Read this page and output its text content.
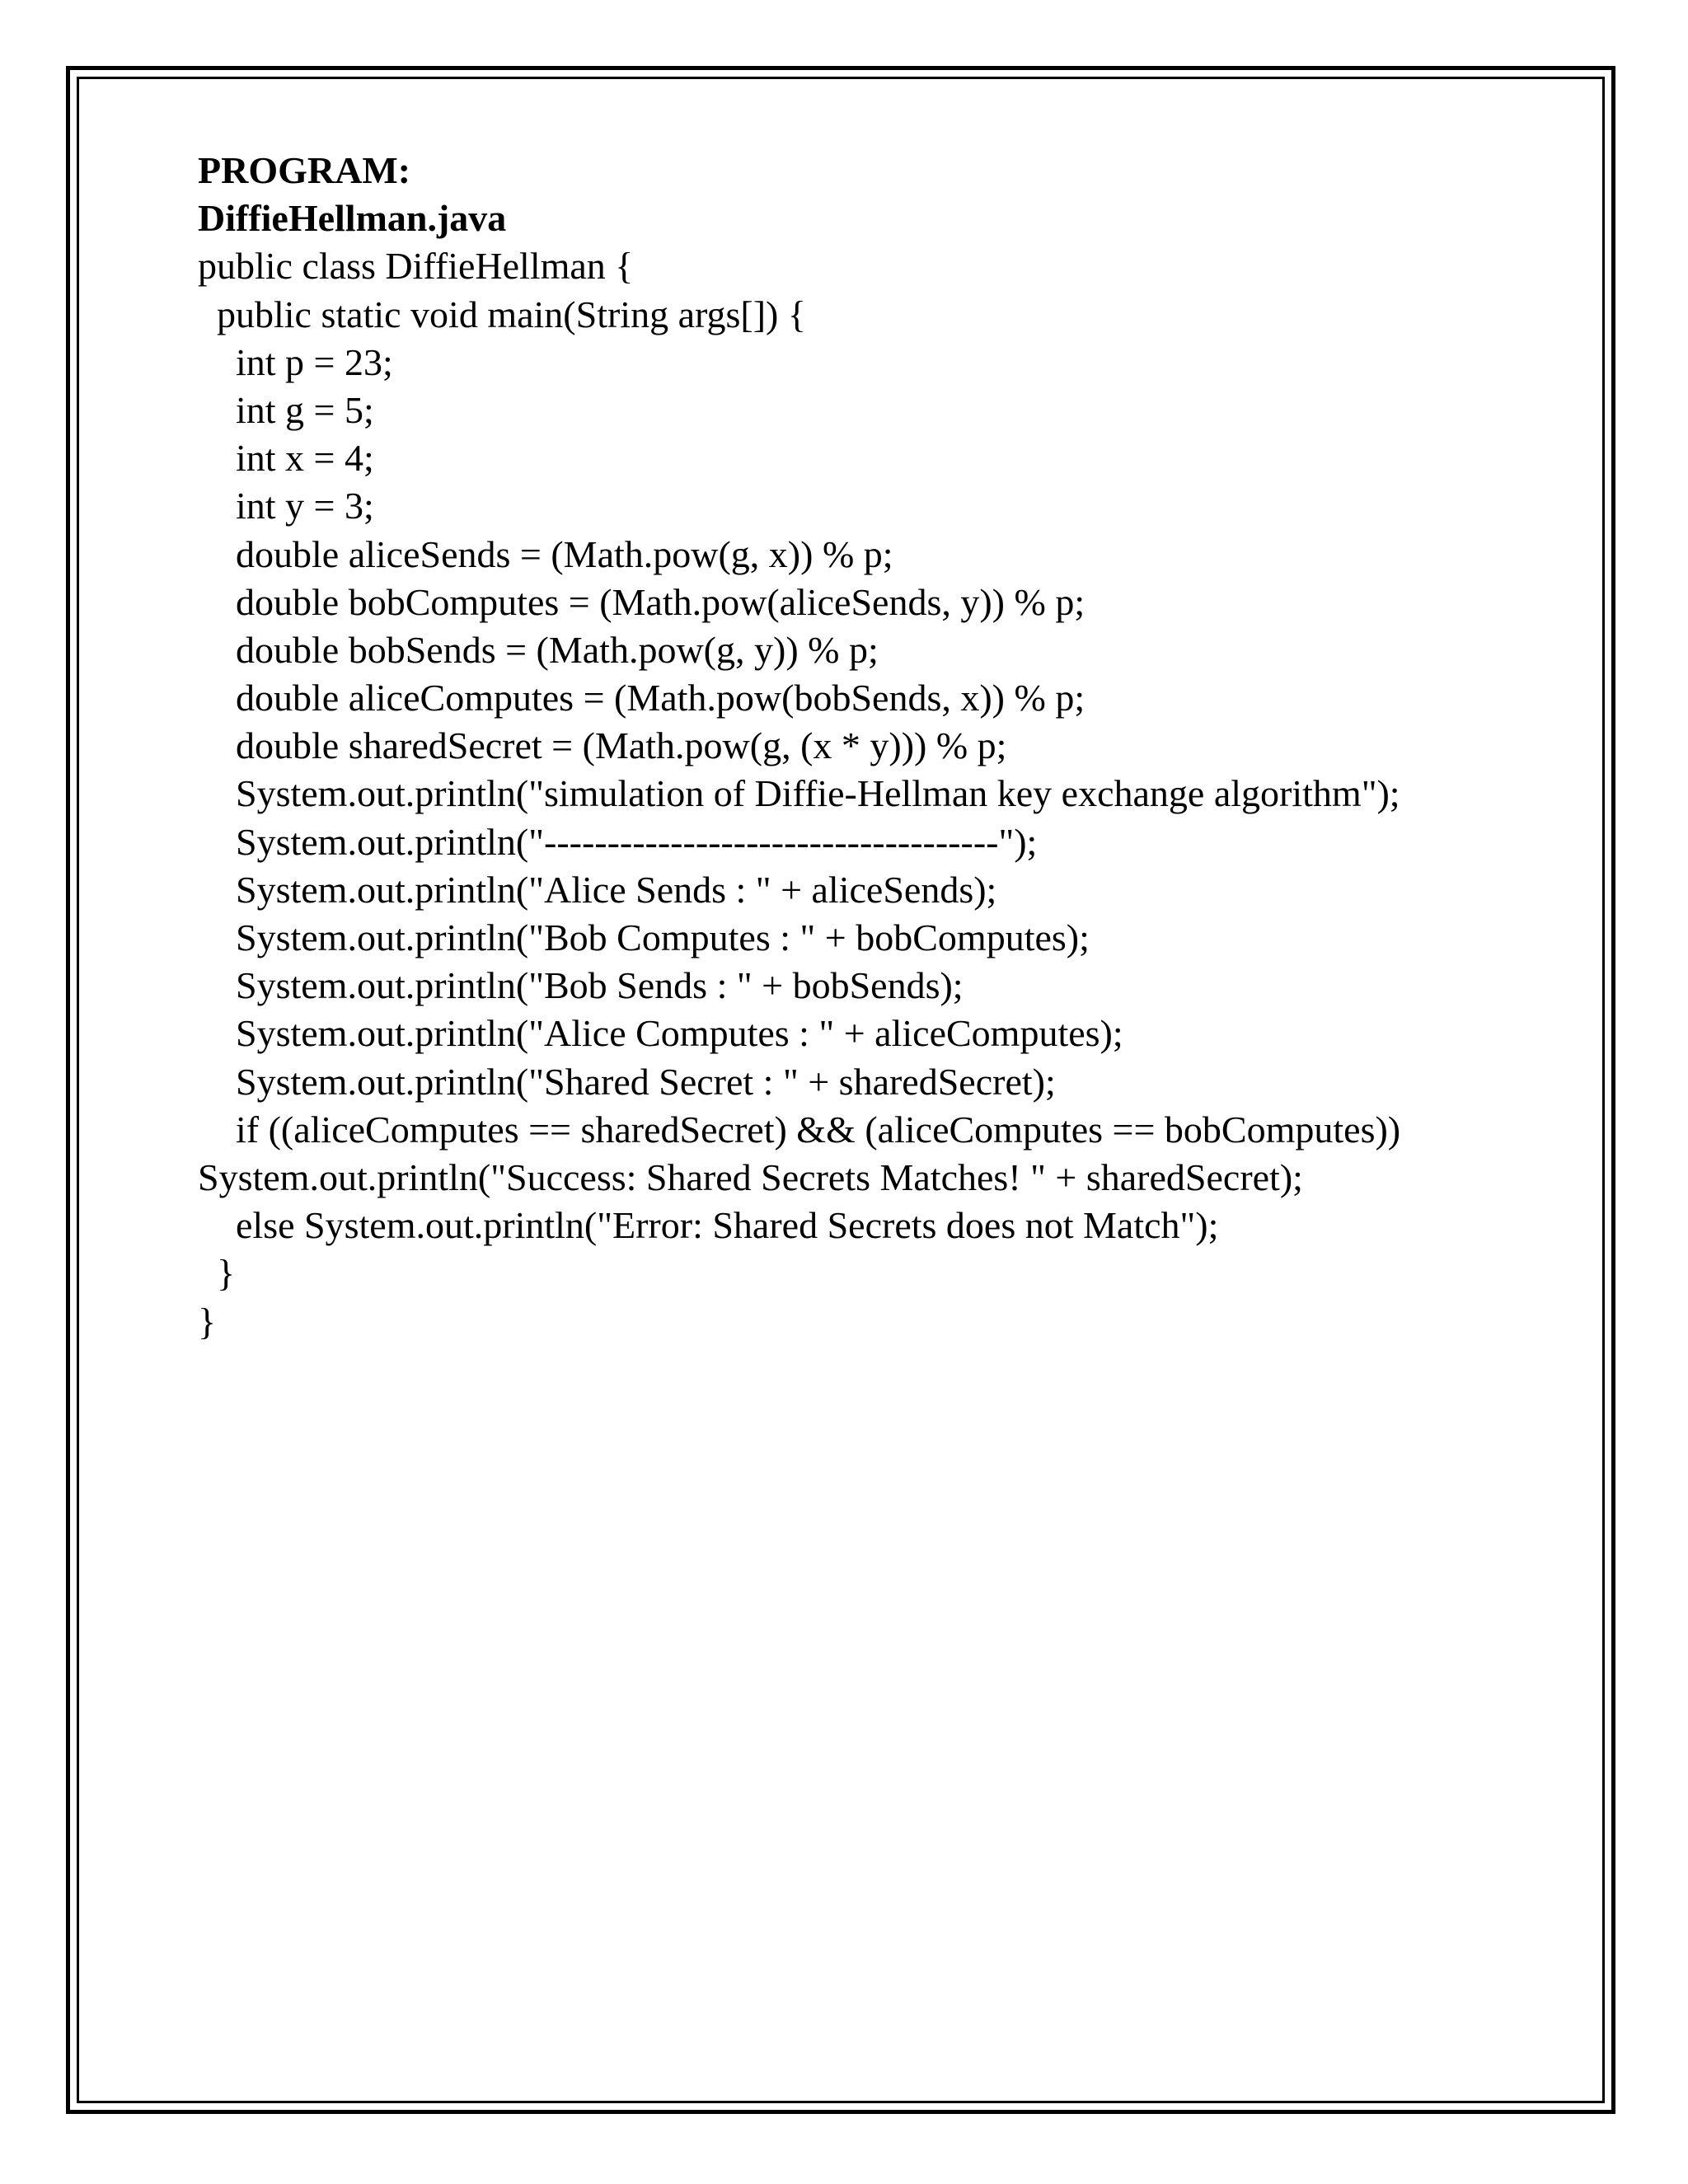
PROGRAM:
DiffieHellman.java
public class DiffieHellman {
public static void main(String args[]) {
int p = 23;
int g = 5;
int x = 4;
int y = 3;
double aliceSends = (Math.pow(g, x)) % p;
double bobComputes = (Math.pow(aliceSends, y)) % p;
double bobSends = (Math.pow(g, y)) % p;
double aliceComputes = (Math.pow(bobSends, x)) % p;
double sharedSecret = (Math.pow(g, (x * y))) % p;
System.out.println("simulation of Diffie-Hellman key exchange algorithm");
System.out.println("------------------------------------");
System.out.println("Alice Sends : " + aliceSends);
System.out.println("Bob Computes : " + bobComputes);
System.out.println("Bob Sends : " + bobSends);
System.out.println("Alice Computes : " + aliceComputes);
System.out.println("Shared Secret : " + sharedSecret);
if ((aliceComputes == sharedSecret) && (aliceComputes == bobComputes))
System.out.println("Success: Shared Secrets Matches! " + sharedSecret);
else System.out.println("Error: Shared Secrets does not Match");
}
}
